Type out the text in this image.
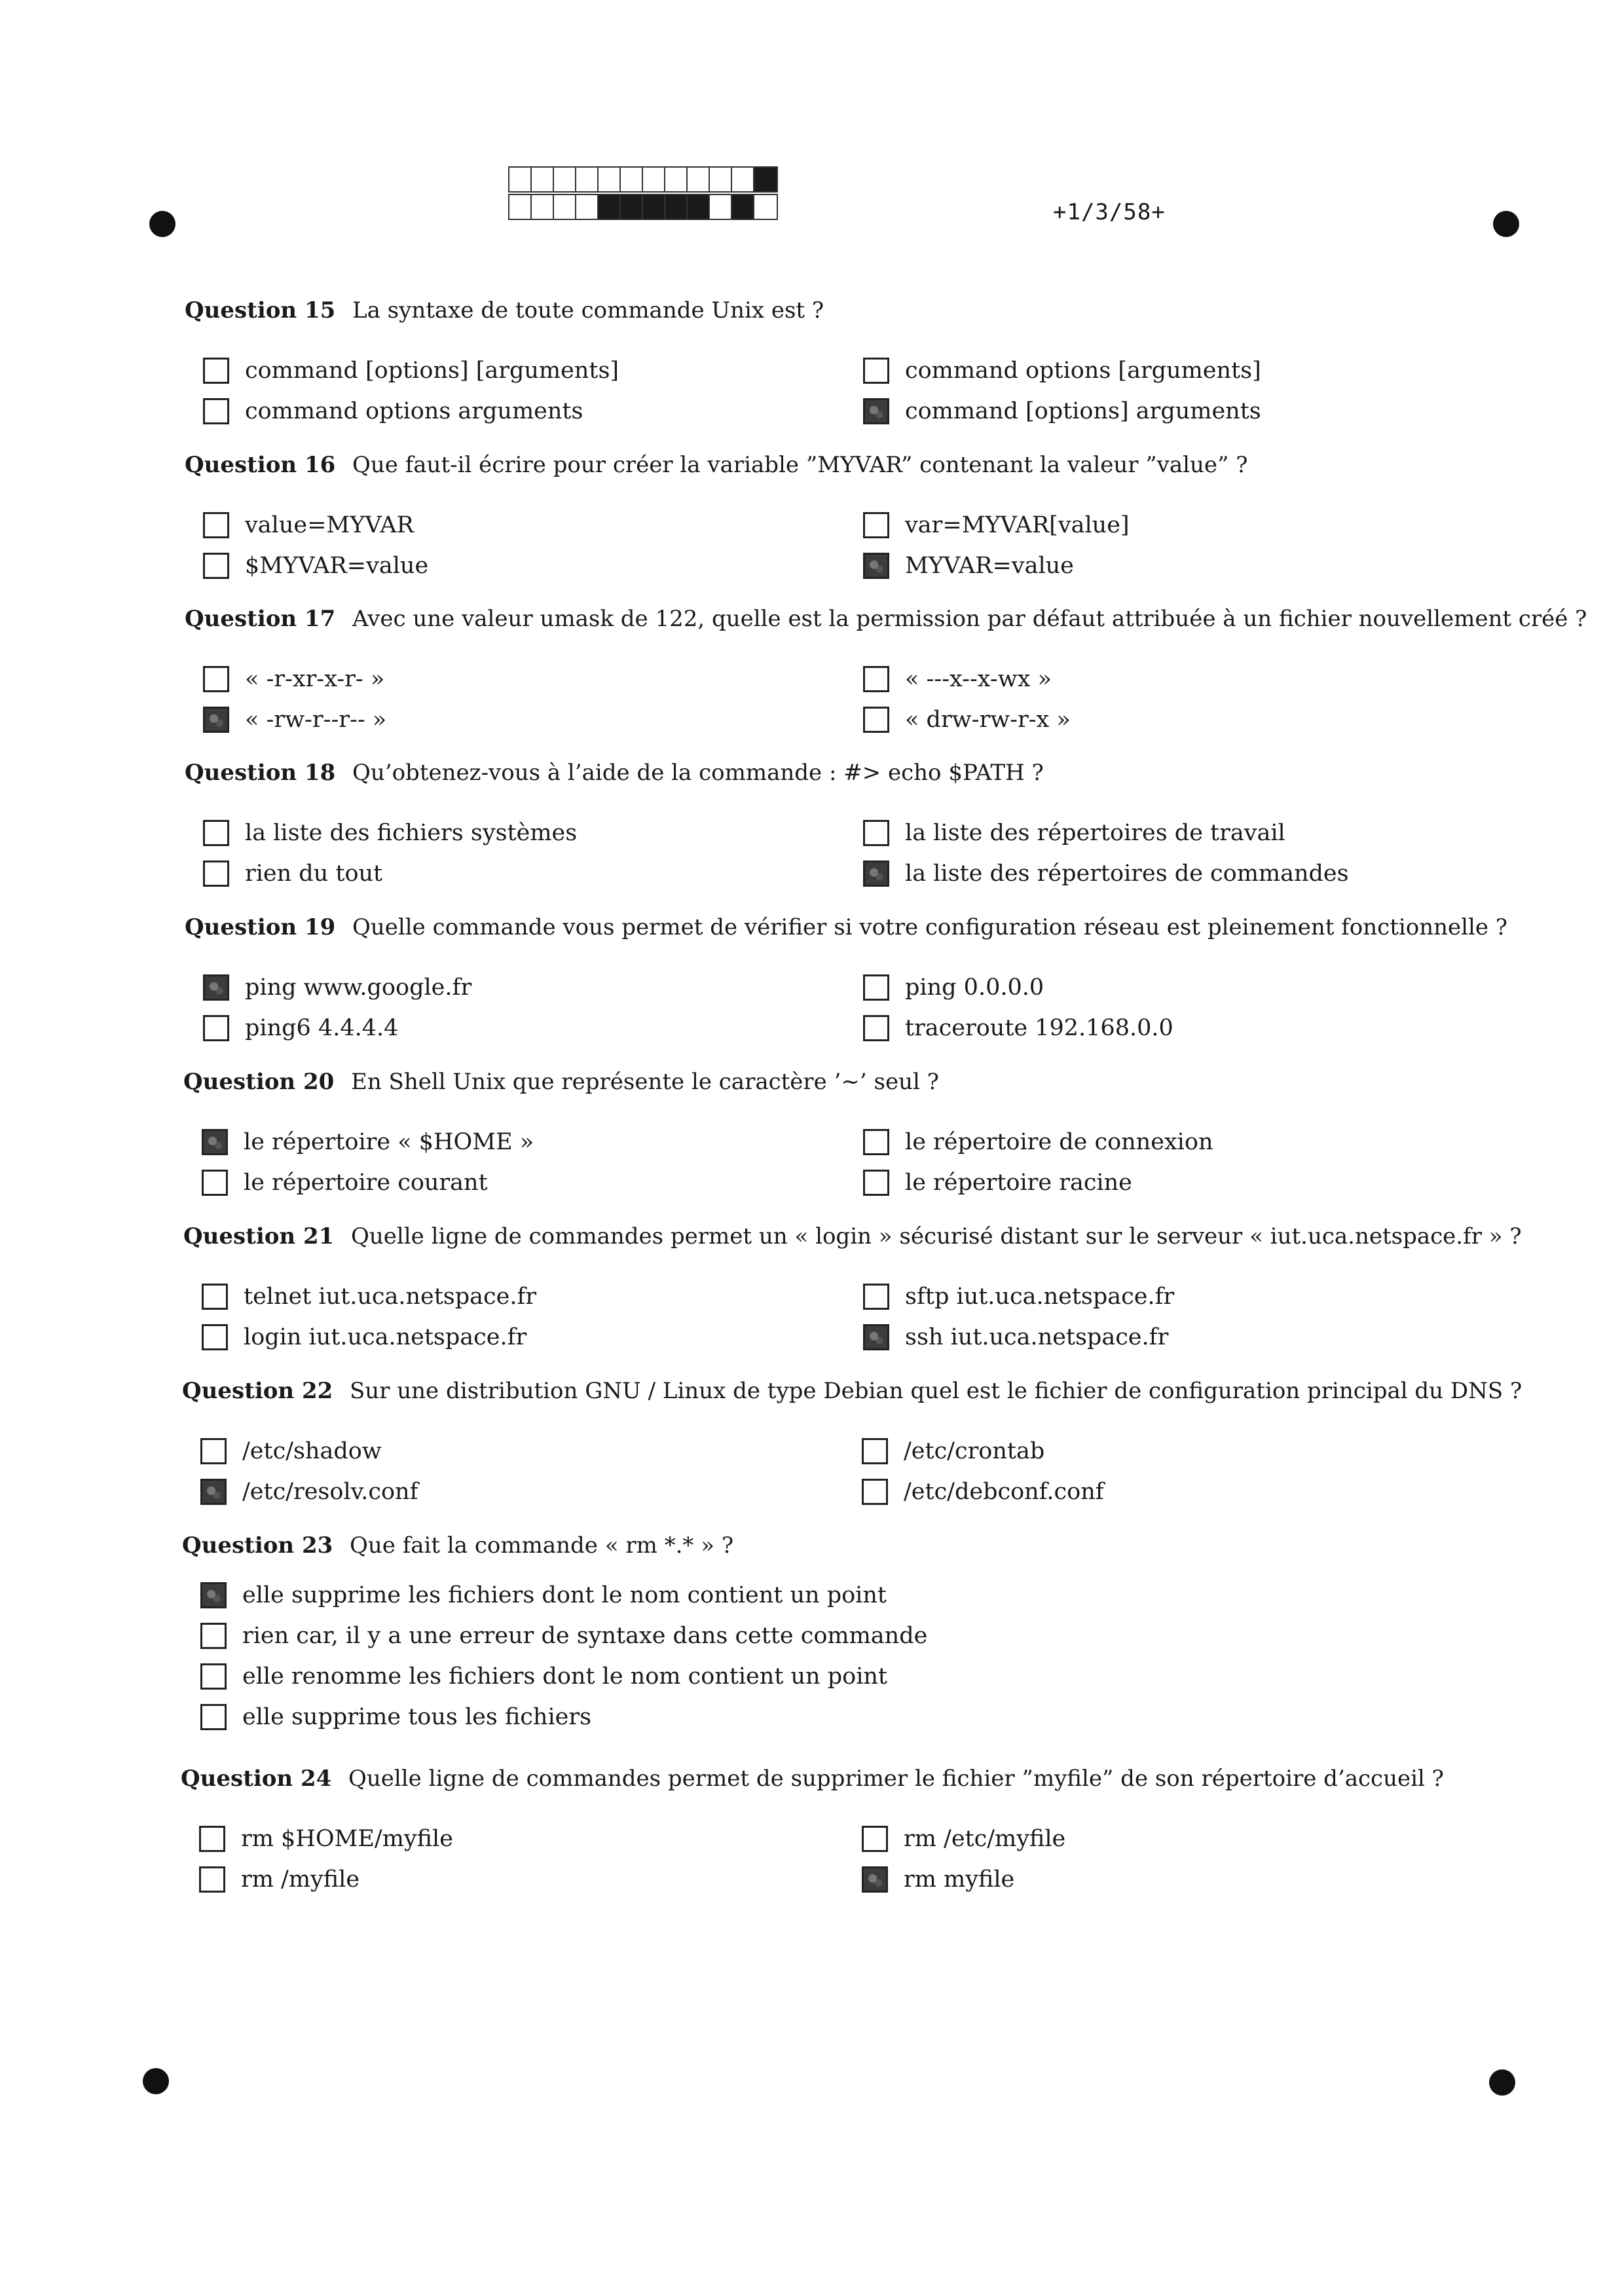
+1/3/58+
Question 15 La syntaxe de toute commande Unix est ?
command [options] [arguments]	command options [arguments]
command options arguments	command [options] arguments
Question 16 Que faut-il écrire pour créer la variable ”MYVAR” contenant la valeur ”value” ?
value=MYVAR	var=MYVAR[value]
$MYVAR=value	MYVAR=value
Question 17 Avec une valeur umask de 122, quelle est la permission par défaut attribuée à un fichier nouvellement créé ?
« -r-xr-x-r- »	« ---x--x-wx »
« -rw-r--r-- »	« drw-rw-r-x »
Question 18 Qu’obtenez-vous à l’aide de la commande : #> echo $PATH ?
la liste des fichiers systèmes	la liste des répertoires de travail
rien du tout	la liste des répertoires de commandes
Question 19 Quelle commande vous permet de vérifier si votre configuration réseau est pleinement fonctionnelle ?
ping www.google.fr	ping 0.0.0.0
ping6 4.4.4.4	traceroute 192.168.0.0
Question 20 En Shell Unix que représente le caractère ’∼’ seul ?
le répertoire « $HOME »	le répertoire de connexion
le répertoire courant	le répertoire racine
Question 21 Quelle ligne de commandes permet un « login » sécurisé distant sur le serveur « iut.uca.netspace.fr » ?
telnet iut.uca.netspace.fr	sftp iut.uca.netspace.fr
login iut.uca.netspace.fr	ssh iut.uca.netspace.fr
Question 22 Sur une distribution GNU / Linux de type Debian quel est le fichier de configuration principal du DNS ?
/etc/shadow	/etc/crontab
/etc/resolv.conf	/etc/debconf.conf
Question 23 Que fait la commande « rm *.* » ?
elle supprime les fichiers dont le nom contient un point
rien car, il y a une erreur de syntaxe dans cette commande
elle renomme les fichiers dont le nom contient un point
elle supprime tous les fichiers
Question 24 Quelle ligne de commandes permet de supprimer le fichier ”myfile” de son répertoire d’accueil ?
rm $HOME/myfile	rm /etc/myfile
rm /myfile	rm myfile
